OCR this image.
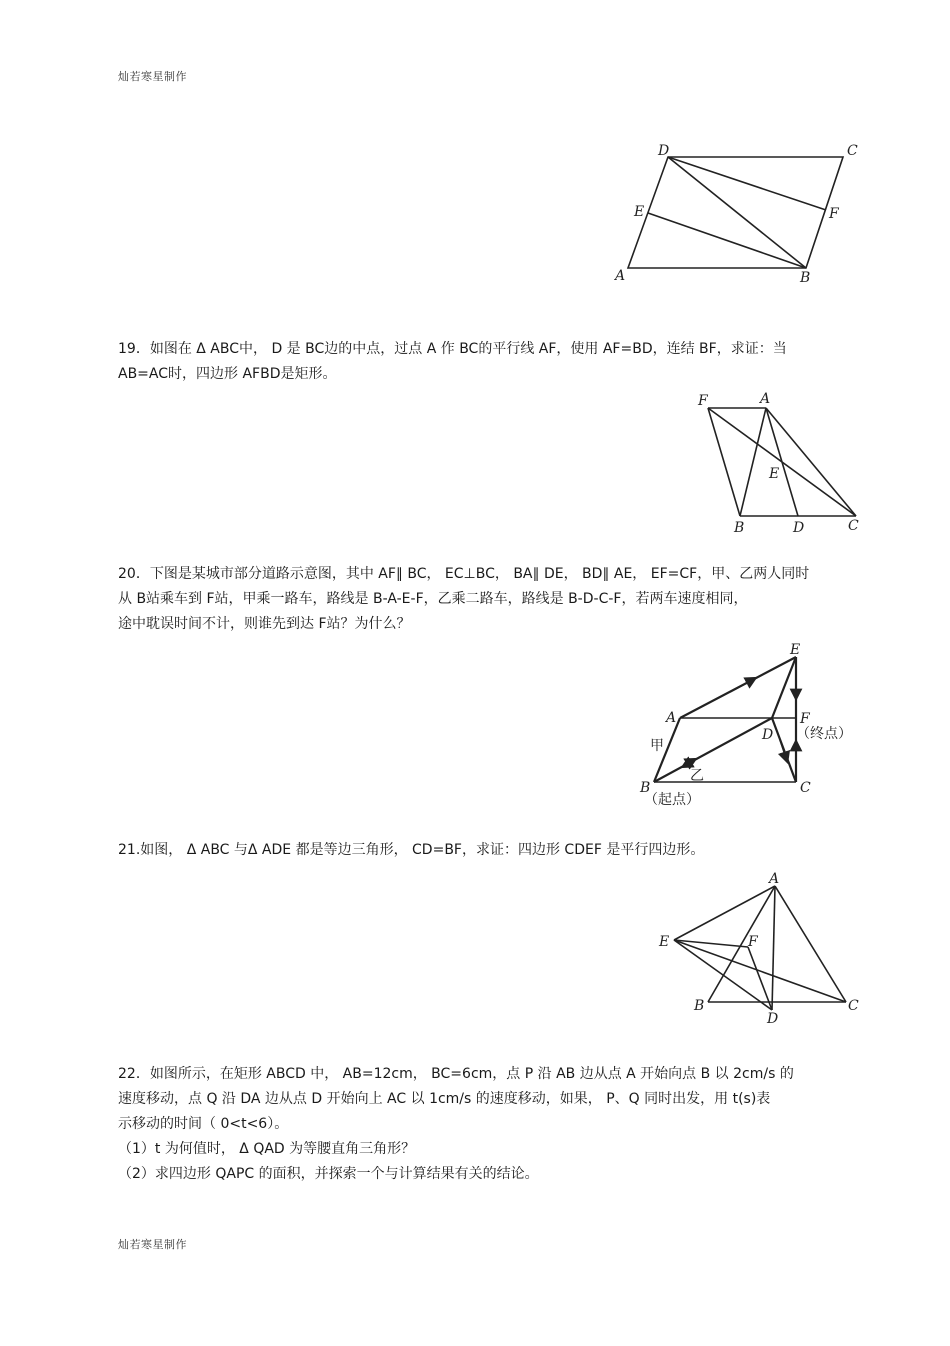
灿若寒星制作
D	C
E	F
A	B
19．如图在 Δ ABC中， D 是 BC边的中点，过点 A 作 BC的平行线 AF，使用 AF=BD，连结 BF，求证：当
AB=AC时，四边形 AFBD是矩形。
F	A
E
B	D	C
20．下图是某城市部分道路示意图，其中 AF∥ BC， EC⊥BC， BA∥ DE， BD∥ AE， EF=CF，甲、乙两人同时
从 B站乘车到 F站，甲乘一路车，路线是 B-A-E-F，乙乘二路车，路线是 B-D-C-F，若两车速度相同，
途中耽误时间不计，则谁先到达 F站？为什么？
E
A	F
D
B	C
（终点）
（起点）
甲
乙
21.如图， Δ ABC 与Δ ADE 都是等边三角形， CD=BF，求证：四边形 CDEF 是平行四边形。
A
E	F
B
D
C
22．如图所示，在矩形 ABCD 中， AB=12cm， BC=6cm，点 P 沿 AB 边从点 A 开始向点 B 以 2cm/s 的
速度移动，点 Q 沿 DA 边从点 D 开始向上 AC 以 1cm/s 的速度移动，如果， P、Q 同时出发，用 t(s)表
示移动的时间（ 0<t<6）。
（1）t 为何值时， Δ QAD 为等腰直角三角形？
（2）求四边形 QAPC 的面积，并探索一个与计算结果有关的结论。
灿若寒星制作
